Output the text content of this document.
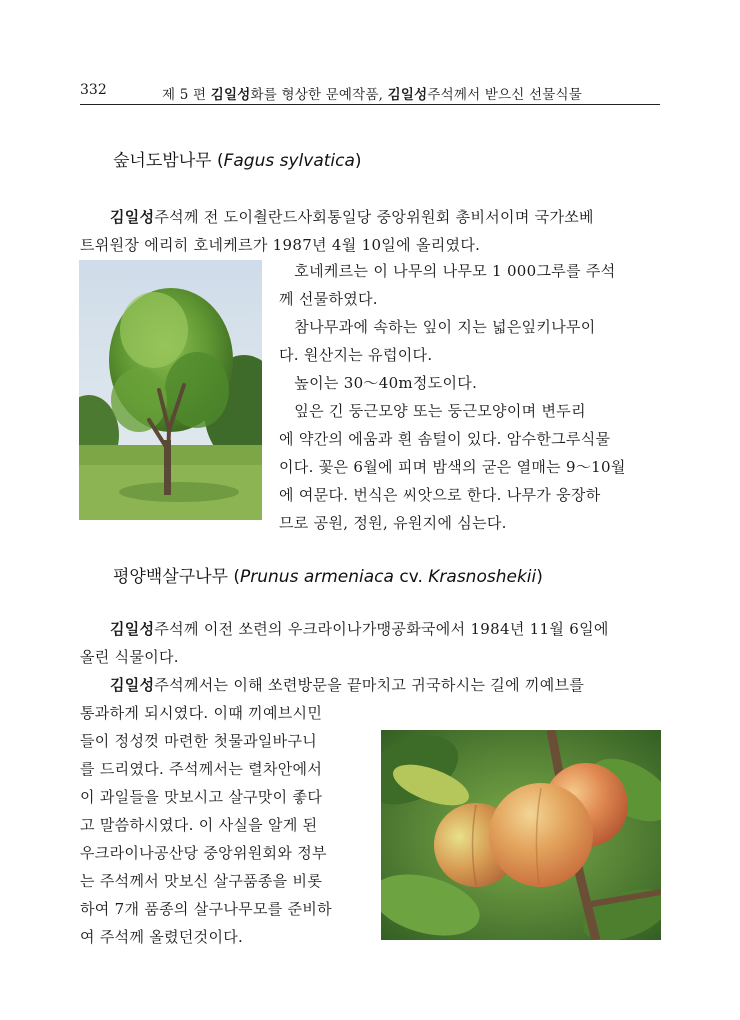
332	제 5 편 김일성화를 형상한 문예작품, 김일성주석께서 받으신 선물식물
숲너도밤나무 (Fagus sylvatica)
김일성주석께 전 도이췰란드사회통일당 중앙위원회 총비서이며 국가쏘베
트위원장 에리히 호네케르가 1987년 4월 10일에 올리였다.
　호네케르는 이 나무의 나무모 1 000그루를 주석
께 선물하였다.
　참나무과에 속하는 잎이 지는 넓은잎키나무이
다. 원산지는 유럽이다.
　높이는 30～40m정도이다.
　잎은 긴 둥근모양 또는 둥근모양이며 변두리
에 약간의 에움과 흰 솜털이 있다. 암수한그루식물
이다. 꽃은 6월에 피며 밤색의 굳은 열매는 9～10월
에 여문다. 번식은 씨앗으로 한다. 나무가 웅장하
므로 공원, 정원, 유원지에 심는다.
평양백살구나무 (Prunus armeniaca cv. Krasnoshekii)
김일성주석께 이전 쏘련의 우크라이나가맹공화국에서 1984년 11월 6일에
올린 식물이다.
김일성주석께서는 이해 쏘련방문을 끝마치고 귀국하시는 길에 끼예브를
통과하게 되시였다. 이때 끼예브시민
들이 정성껏 마련한 첫물과일바구니
를 드리였다. 주석께서는 렬차안에서
이 과일들을 맛보시고 살구맛이 좋다
고 말씀하시였다. 이 사실을 알게 된
우크라이나공산당 중앙위원회와 정부
는 주석께서 맛보신 살구품종을 비롯
하여 7개 품종의 살구나무모를 준비하
여 주석께 올렸던것이다.
